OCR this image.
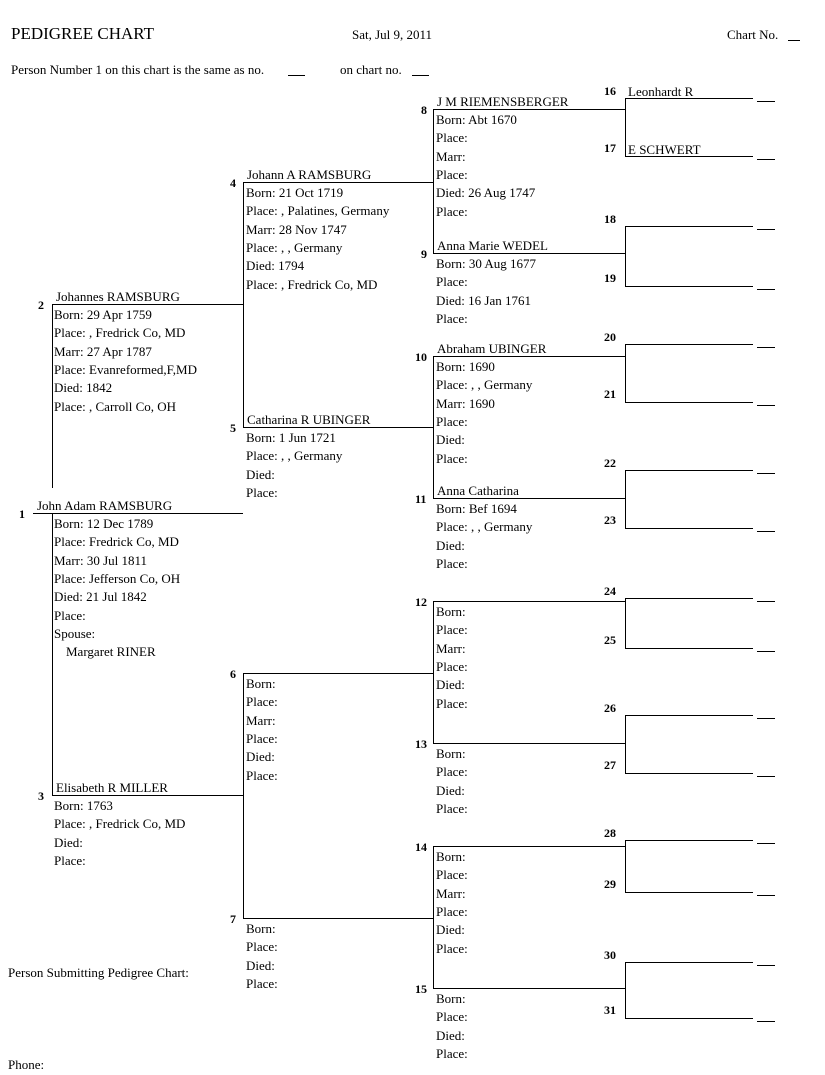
PEDIGREE CHART	Sat, Jul 9, 2011	Chart No.
Person Number 1 on this chart is the same as no.	on chart no.
1
John Adam RAMSBURG
Born: 12 Dec 1789
Place: Fredrick Co, MD
Marr: 30 Jul 1811
Place: Jefferson Co, OH
Died: 21 Jul 1842
Place:
Spouse:
Margaret RINER
2
Johannes RAMSBURG
Born: 29 Apr 1759
Place: , Fredrick Co, MD
Marr: 27 Apr 1787
Place: Evanreformed,F,MD
Died: 1842
Place: , Carroll Co, OH
3
Elisabeth R MILLER
Born: 1763
Place: , Fredrick Co, MD
Died:
Place:
4
Johann A RAMSBURG
Born: 21 Oct 1719
Place: , Palatines, Germany
Marr: 28 Nov 1747
Place: , , Germany
Died: 1794
Place: , Fredrick Co, MD
5
Catharina R UBINGER
Born: 1 Jun 1721
Place: , , Germany
Died:
Place:
6
Born:
Place:
Marr:
Place:
Died:
Place:
7
Born:
Place:
Died:
Place:
8
J M RIEMENSBERGER
Born: Abt 1670
Place:
Marr:
Place:
Died: 26 Aug 1747
Place:
9
Anna Marie WEDEL
Born: 30 Aug 1677
Place:
Died: 16 Jan 1761
Place:
10
Abraham UBINGER
Born: 1690
Place: , , Germany
Marr: 1690
Place:
Died:
Place:
11
Anna Catharina
Born: Bef 1694
Place: , , Germany
Died:
Place:
12
Born:
Place:
Marr:
Place:
Died:
Place:
13
Born:
Place:
Died:
Place:
14
Born:
Place:
Marr:
Place:
Died:
Place:
15
Born:
Place:
Died:
Place:
16 Leonhardt R
17 E SCHWERT
18
19
20
21
22
23
24
25
26
27
28
29
30
31
Person Submitting Pedigree Chart:
Phone:
